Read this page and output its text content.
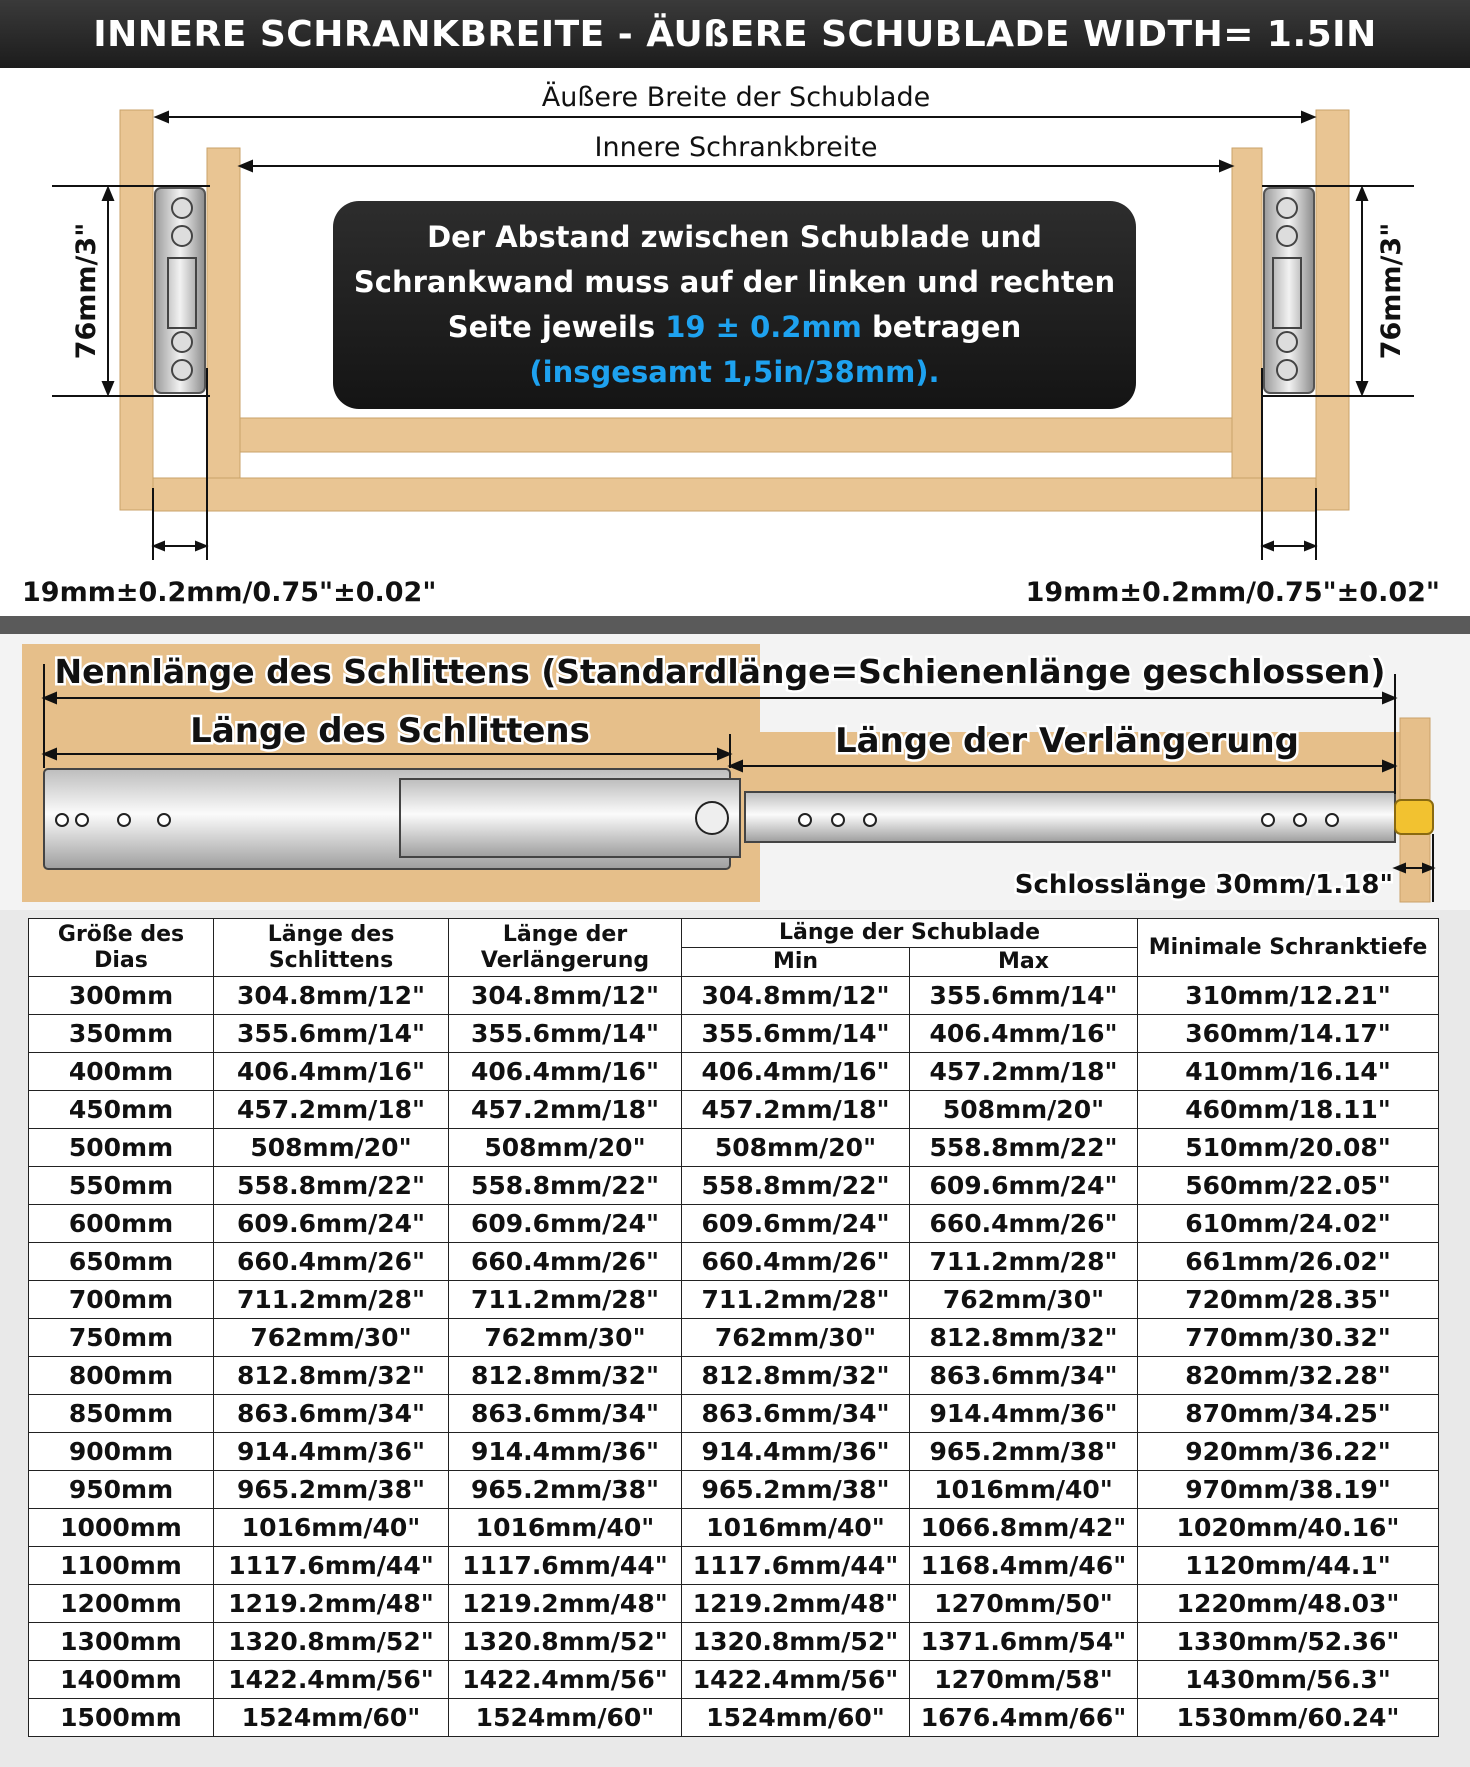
INNERE SCHRANKBREITE - ÄUßERE SCHUBLADE WIDTH= 1.5IN
Äußere Breite der Schublade
Innere Schrankbreite
76mm/3"	76mm/3"
19mm±0.2mm/0.75"±0.02"	19mm±0.2mm/0.75"±0.02"
Der Abstand zwischen Schublade und
Schrankwand muss auf der linken und rechten
Seite jeweils 19 ± 0.2mm betragen
(insgesamt 1,5in/38mm).
Nennlänge des Schlittens (Standardlänge=Schienenlänge geschlossen)
Länge des Schlittens	Länge der Verlängerung
Schlosslänge 30mm/1.18"
Größe des Dias	Länge des Schlittens	Länge der Verlängerung	Länge der Schublade		Minimale Schranktiefe
			Min	Max	
300mm	304.8mm/12"	304.8mm/12"	304.8mm/12"	355.6mm/14"	310mm/12.21"
350mm	355.6mm/14"	355.6mm/14"	355.6mm/14"	406.4mm/16"	360mm/14.17"
400mm	406.4mm/16"	406.4mm/16"	406.4mm/16"	457.2mm/18"	410mm/16.14"
450mm	457.2mm/18"	457.2mm/18"	457.2mm/18"	508mm/20"	460mm/18.11"
500mm	508mm/20"	508mm/20"	508mm/20"	558.8mm/22"	510mm/20.08"
550mm	558.8mm/22"	558.8mm/22"	558.8mm/22"	609.6mm/24"	560mm/22.05"
600mm	609.6mm/24"	609.6mm/24"	609.6mm/24"	660.4mm/26"	610mm/24.02"
650mm	660.4mm/26"	660.4mm/26"	660.4mm/26"	711.2mm/28"	661mm/26.02"
700mm	711.2mm/28"	711.2mm/28"	711.2mm/28"	762mm/30"	720mm/28.35"
750mm	762mm/30"	762mm/30"	762mm/30"	812.8mm/32"	770mm/30.32"
800mm	812.8mm/32"	812.8mm/32"	812.8mm/32"	863.6mm/34"	820mm/32.28"
850mm	863.6mm/34"	863.6mm/34"	863.6mm/34"	914.4mm/36"	870mm/34.25"
900mm	914.4mm/36"	914.4mm/36"	914.4mm/36"	965.2mm/38"	920mm/36.22"
950mm	965.2mm/38"	965.2mm/38"	965.2mm/38"	1016mm/40"	970mm/38.19"
1000mm	1016mm/40"	1016mm/40"	1016mm/40"	1066.8mm/42"	1020mm/40.16"
1100mm	1117.6mm/44"	1117.6mm/44"	1117.6mm/44"	1168.4mm/46"	1120mm/44.1"
1200mm	1219.2mm/48"	1219.2mm/48"	1219.2mm/48"	1270mm/50"	1220mm/48.03"
1300mm	1320.8mm/52"	1320.8mm/52"	1320.8mm/52"	1371.6mm/54"	1330mm/52.36"
1400mm	1422.4mm/56"	1422.4mm/56"	1422.4mm/56"	1270mm/58"	1430mm/56.3"
1500mm	1524mm/60"	1524mm/60"	1524mm/60"	1676.4mm/66"	1530mm/60.24"
